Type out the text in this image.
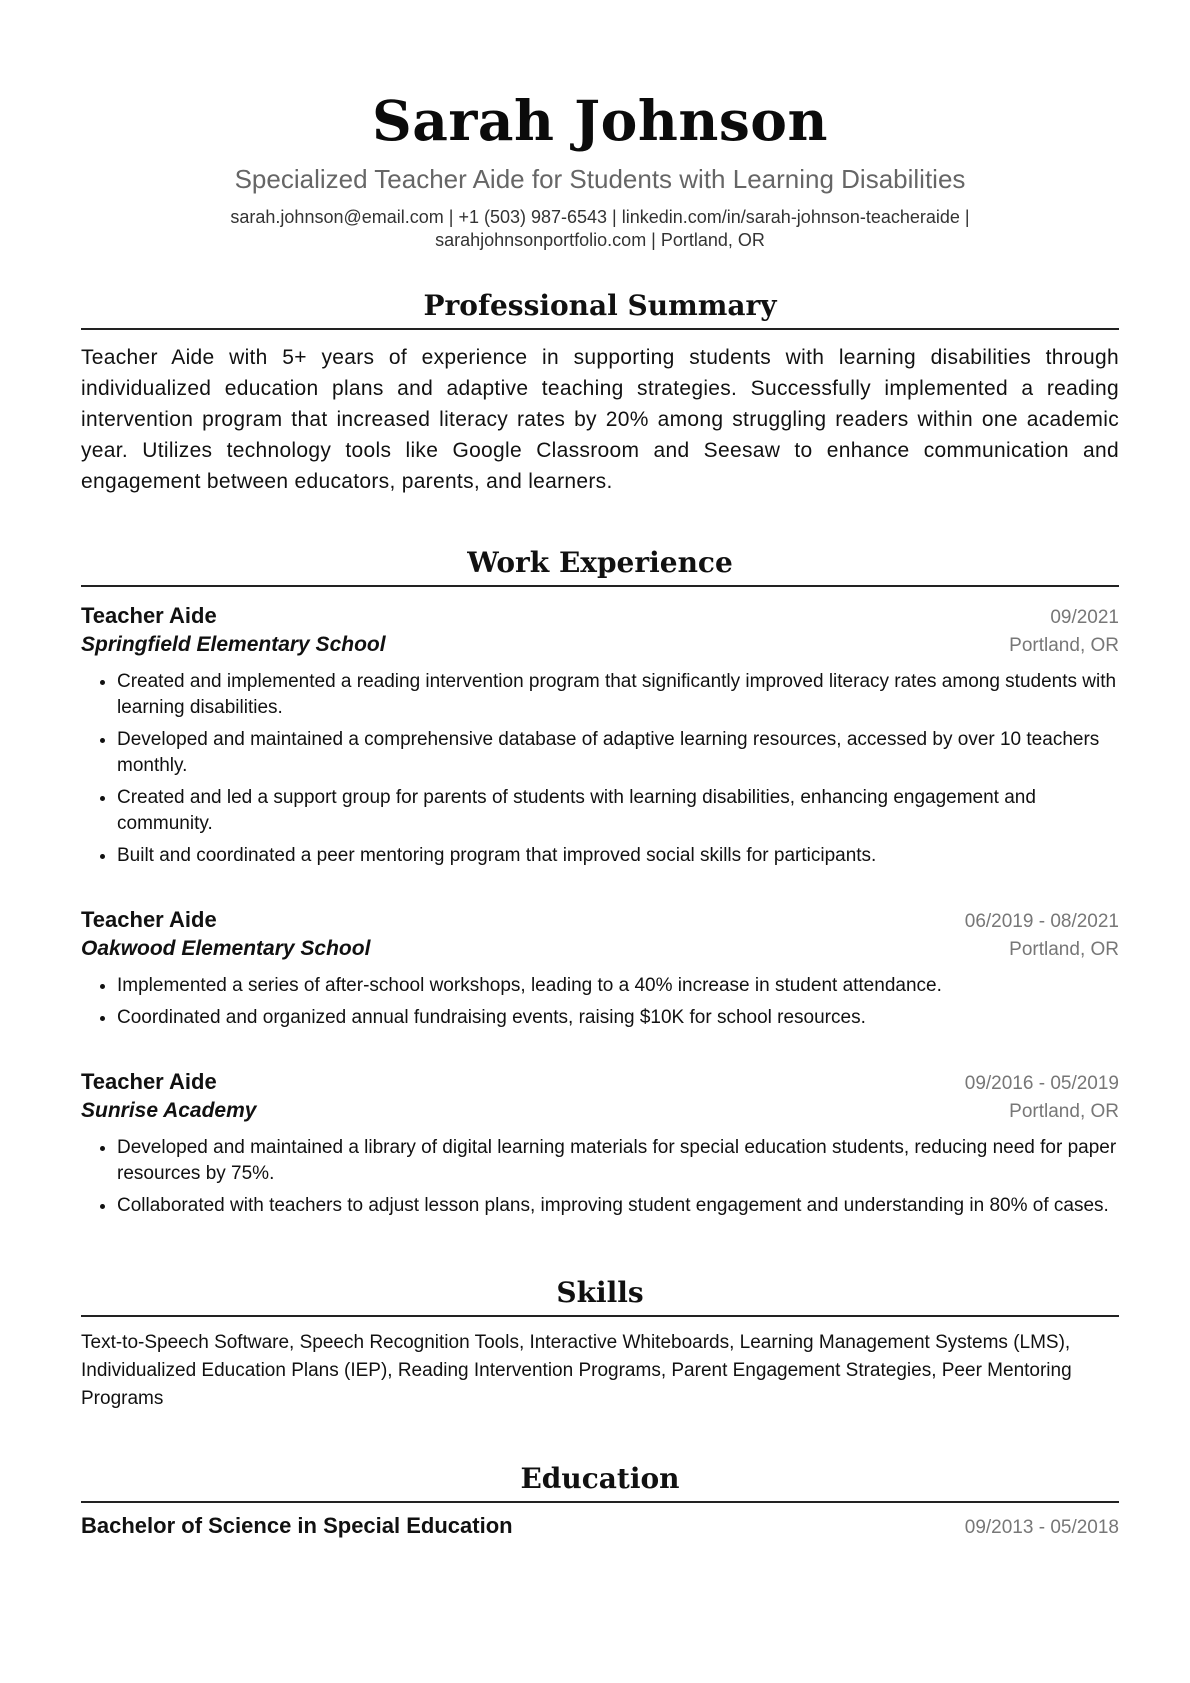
Sarah Johnson
Specialized Teacher Aide for Students with Learning Disabilities
sarah.johnson@email.com | +1 (503) 987-6543 | linkedin.com/in/sarah-johnson-teacheraide |
sarahjohnsonportfolio.com | Portland, OR
Professional Summary
Teacher Aide with 5+ years of experience in supporting students with learning disabilities through individualized education plans and adaptive teaching strategies. Successfully implemented a reading intervention program that increased literacy rates by 20% among struggling readers within one academic year. Utilizes technology tools like Google Classroom and Seesaw to enhance communication and engagement between educators, parents, and learners.
Work Experience
Teacher Aide	09/2021
Springfield Elementary School	Portland, OR
• Created and implemented a reading intervention program that significantly improved literacy rates among students with learning disabilities.
• Developed and maintained a comprehensive database of adaptive learning resources, accessed by over 10 teachers monthly.
• Created and led a support group for parents of students with learning disabilities, enhancing engagement and community.
• Built and coordinated a peer mentoring program that improved social skills for participants.
Teacher Aide	06/2019 - 08/2021
Oakwood Elementary School	Portland, OR
• Implemented a series of after-school workshops, leading to a 40% increase in student attendance.
• Coordinated and organized annual fundraising events, raising $10K for school resources.
Teacher Aide	09/2016 - 05/2019
Sunrise Academy	Portland, OR
• Developed and maintained a library of digital learning materials for special education students, reducing need for paper resources by 75%.
• Collaborated with teachers to adjust lesson plans, improving student engagement and understanding in 80% of cases.
Skills
Text-to-Speech Software, Speech Recognition Tools, Interactive Whiteboards, Learning Management Systems (LMS), Individualized Education Plans (IEP), Reading Intervention Programs, Parent Engagement Strategies, Peer Mentoring Programs
Education
Bachelor of Science in Special Education	09/2013 - 05/2018
